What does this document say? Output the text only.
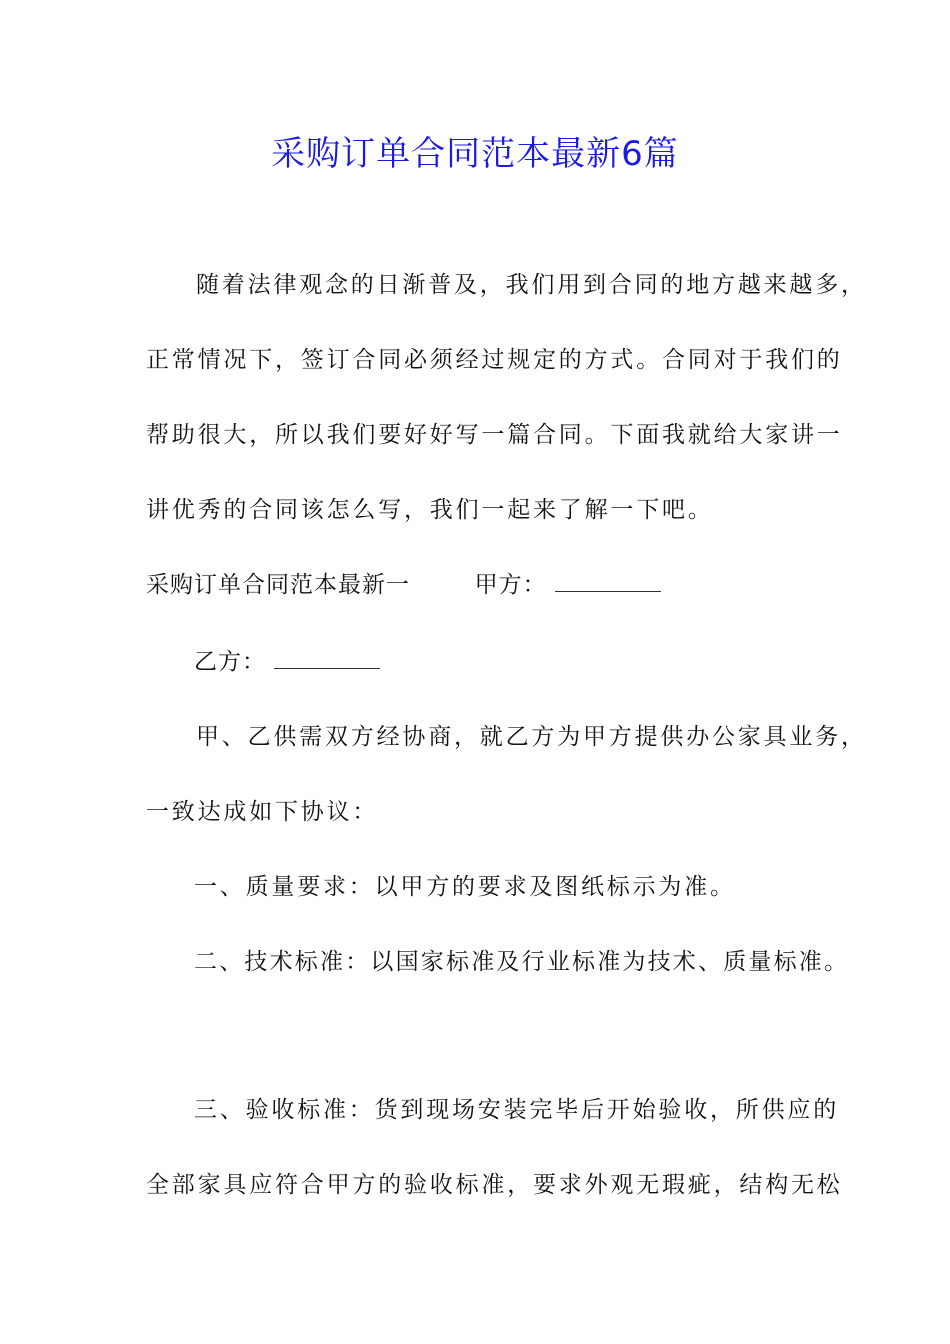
采购订单合同范本最新6篇
随着法律观念的日渐普及，我们用到合同的地方越来越多，
正常情况下，签订合同必须经过规定的方式。合同对于我们的
帮助很大，所以我们要好好写一篇合同。下面我就给大家讲一
讲优秀的合同该怎么写，我们一起来了解一下吧。
采购订单合同范本最新一	甲方：
乙方：
甲、乙供需双方经协商，就乙方为甲方提供办公家具业务，
一致达成如下协议：
一、质量要求：以甲方的要求及图纸标示为准。
二、技术标准：以国家标准及行业标准为技术、质量标准。
三、验收标准：货到现场安装完毕后开始验收，所供应的
全部家具应符合甲方的验收标准，要求外观无瑕疵，结构无松
